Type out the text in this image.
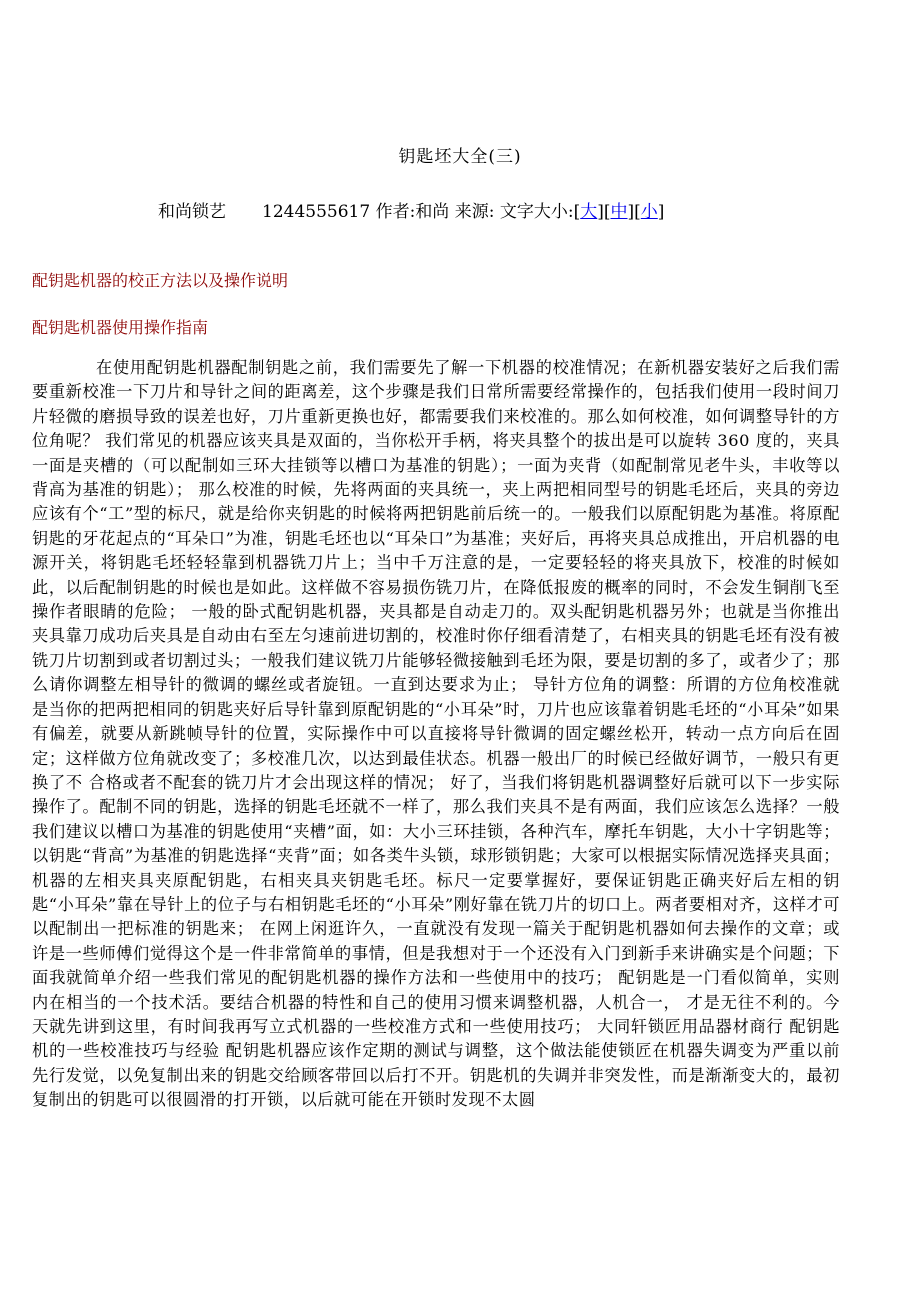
钥匙坯大全(三)
和尚锁艺 1244555617 作者:和尚 来源: 文字大小:[大][中][小]
配钥匙机器的校正方法以及操作说明
配钥匙机器使用操作指南
在使用配钥匙机器配制钥匙之前，我们需要先了解一下机器的校准情况；在新机器安装好之后我们需要重新校准一下刀片和导针之间的距离差，这个步骤是我们日常所需要经常操作的，包括我们使用一段时间刀片轻微的磨损导致的误差也好，刀片重新更换也好，都需要我们来校准的。那么如何校准，如何调整导针的方位角呢？ 我们常见的机器应该夹具是双面的，当你松开手柄，将夹具整个的拔出是可以旋转 360 度的，夹具一面是夹槽的（可以配制如三环大挂锁等以槽口为基准的钥匙）；一面为夹背（如配制常见老牛头，丰收等以背高为基准的钥匙）； 那么校准的时候，先将两面的夹具统一，夹上两把相同型号的钥匙毛坯后，夹具的旁边应该有个“工”型的标尺，就是给你夹钥匙的时候将两把钥匙前后统一的。一般我们以原配钥匙为基准。将原配钥匙的牙花起点的“耳朵口”为准，钥匙毛坯也以“耳朵口”为基准；夹好后，再将夹具总成推出，开启机器的电源开关，将钥匙毛坯轻轻靠到机器铣刀片上；当中千万注意的是，一定要轻轻的将夹具放下，校准的时候如此，以后配制钥匙的时候也是如此。这样做不容易损伤铣刀片，在降低报废的概率的同时，不会发生铜削飞至操作者眼睛的危险； 一般的卧式配钥匙机器，夹具都是自动走刀的。双头配钥匙机器另外；也就是当你推出夹具靠刀成功后夹具是自动由右至左匀速前进切割的，校准时你仔细看清楚了，右相夹具的钥匙毛坯有没有被铣刀片切割到或者切割过头；一般我们建议铣刀片能够轻微接触到毛坯为限，要是切割的多了，或者少了；那么请你调整左相导针的微调的螺丝或者旋钮。一直到达要求为止； 导针方位角的调整：所谓的方位角校准就是当你的把两把相同的钥匙夹好后导针靠到原配钥匙的“小耳朵”时，刀片也应该靠着钥匙毛坯的“小耳朵”如果有偏差，就要从新跳帧导针的位置，实际操作中可以直接将导针微调的固定螺丝松开，转动一点方向后在固定；这样做方位角就改变了；多校准几次，以达到最佳状态。机器一般出厂的时候已经做好调节，一般只有更换了不 合格或者不配套的铣刀片才会出现这样的情况； 好了，当我们将钥匙机器调整好后就可以下一步实际操作了。配制不同的钥匙，选择的钥匙毛坯就不一样了，那么我们夹具不是有两面，我们应该怎么选择？一般我们建议以槽口为基准的钥匙使用“夹槽”面，如：大小三环挂锁，各种汽车，摩托车钥匙，大小十字钥匙等；以钥匙“背高”为基准的钥匙选择“夹背”面；如各类牛头锁，球形锁钥匙；大家可以根据实际情况选择夹具面； 机器的左相夹具夹原配钥匙，右相夹具夹钥匙毛坯。标尺一定要掌握好，要保证钥匙正确夹好后左相的钥匙“小耳朵”靠在导针上的位子与右相钥匙毛坯的“小耳朵”刚好靠在铣刀片的切口上。两者要相对齐，这样才可以配制出一把标准的钥匙来； 在网上闲逛许久，一直就没有发现一篇关于配钥匙机器如何去操作的文章；或许是一些师傅们觉得这个是一件非常简单的事情，但是我想对于一个还没有入门到新手来讲确实是个问题；下面我就简单介绍一些我们常见的配钥匙机器的操作方法和一些使用中的技巧； 配钥匙是一门看似简单，实则内在相当的一个技术活。要结合机器的特性和自己的使用习惯来调整机器，人机合一， 才是无往不利的。今天就先讲到这里，有时间我再写立式机器的一些校准方式和一些使用技巧； 大同轩锁匠用品器材商行 配钥匙机的一些校准技巧与经验 配钥匙机器应该作定期的测试与调整，这个做法能使锁匠在机器失调变为严重以前先行发觉，以免复制出来的钥匙交给顾客带回以后打不开。钥匙机的失调并非突发性，而是渐渐变大的，最初复制出的钥匙可以很圆滑的打开锁，以后就可能在开锁时发现不太圆
